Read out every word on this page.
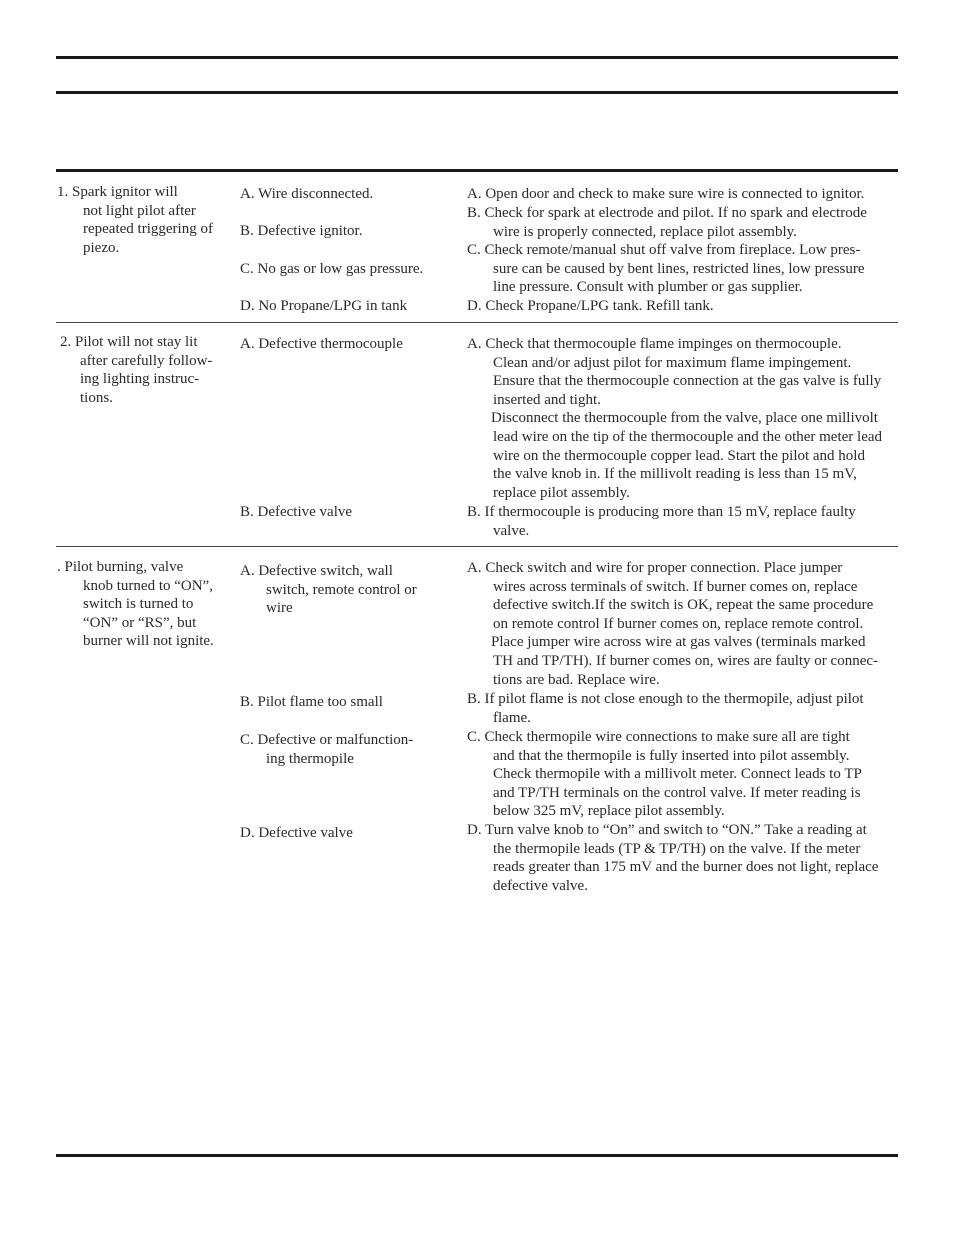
1. Spark ignitor will
not light pilot after
repeated triggering of
piezo.
A. Wire disconnected.
B. Defective ignitor.
C. No gas or low gas pressure.
D. No Propane/LPG in tank
A. Open door and check to make sure wire is connected to ignitor.
B. Check for spark at electrode and pilot. If no spark and electrode
wire is properly connected, replace pilot assembly.
C. Check remote/manual shut off valve from fireplace. Low pres-
sure can be caused by bent lines, restricted lines, low pressure
line pressure. Consult with plumber or gas supplier.
D. Check Propane/LPG tank. Refill tank.
2. Pilot will not stay lit
after carefully follow-
ing lighting instruc-
tions.
A. Defective thermocouple
B. Defective valve
A. Check that thermocouple flame impinges on thermocouple.
Clean and/or adjust pilot for maximum flame impingement.
Ensure that the thermocouple connection at the gas valve is fully
inserted and tight.
Disconnect the thermocouple from the valve, place one millivolt
lead wire on the tip of the thermocouple and the other meter lead
wire on the thermocouple copper lead. Start the pilot and hold
the valve knob in. If the millivolt reading is less than 15 mV,
replace pilot assembly.
B. If thermocouple is producing more than 15 mV, replace faulty
valve.
. Pilot burning, valve
knob turned to “ON”,
switch is turned to
“ON” or “RS”, but
burner will not ignite.
A. Defective switch, wall
switch, remote control or
wire
B. Pilot flame too small
C. Defective or malfunction-
ing thermopile
D. Defective valve
A. Check switch and wire for proper connection. Place jumper
wires across terminals of switch. If burner comes on, replace
defective switch.If the switch is OK, repeat the same procedure
on remote control If burner comes on, replace remote control.
Place jumper wire across wire at gas valves (terminals marked
TH and TP/TH). If burner comes on, wires are faulty or connec-
tions are bad. Replace wire.
B. If pilot flame is not close enough to the thermopile, adjust pilot
flame.
C. Check thermopile wire connections to make sure all are tight
and that the thermopile is fully inserted into pilot assembly.
Check thermopile with a millivolt meter. Connect leads to TP
and TP/TH terminals on the control valve. If meter reading is
below 325 mV, replace pilot assembly.
D. Turn valve knob to “On” and switch to “ON.” Take a reading at
the thermopile leads (TP & TP/TH) on the valve. If the meter
reads greater than 175 mV and the burner does not light, replace
defective valve.
